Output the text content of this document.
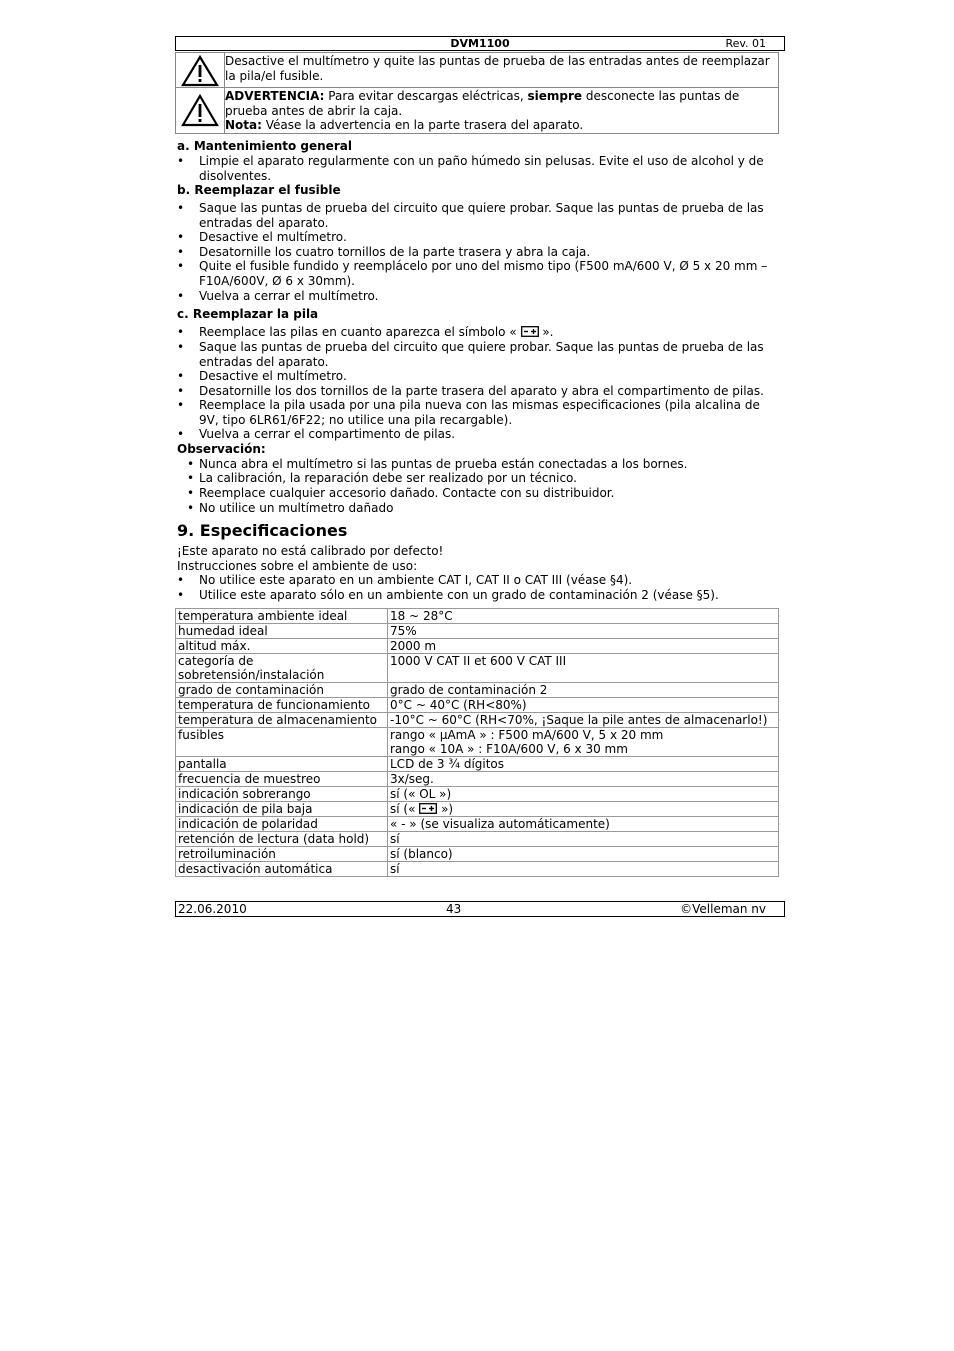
DVM1100	Rev. 01
Desactive el multímetro y quite las puntas de prueba de las entradas antes de reemplazar la pila/el fusible.
ADVERTENCIA: Para evitar descargas eléctricas, siempre desconecte las puntas de prueba antes de abrir la caja.
Nota: Véase la advertencia en la parte trasera del aparato.
a. Mantenimiento general
• Limpie el aparato regularmente con un paño húmedo sin pelusas. Evite el uso de alcohol y de disolventes.
b. Reemplazar el fusible
• Saque las puntas de prueba del circuito que quiere probar. Saque las puntas de prueba de las entradas del aparato.
• Desactive el multímetro.
• Desatornille los cuatro tornillos de la parte trasera y abra la caja.
• Quite el fusible fundido y reemplácelo por uno del mismo tipo (F500 mA/600 V, Ø 5 x 20 mm – F10A/600V, Ø 6 x 30mm).
• Vuelva a cerrar el multímetro.
c. Reemplazar la pila
• Reemplace las pilas en cuanto aparezca el símbolo «  ».
• Saque las puntas de prueba del circuito que quiere probar. Saque las puntas de prueba de las entradas del aparato.
• Desactive el multímetro.
• Desatornille los dos tornillos de la parte trasera del aparato y abra el compartimento de pilas.
• Reemplace la pila usada por una pila nueva con las mismas especificaciones (pila alcalina de 9V, tipo 6LR61/6F22; no utilice una pila recargable).
• Vuelva a cerrar el compartimento de pilas.
Observación:
• Nunca abra el multímetro si las puntas de prueba están conectadas a los bornes.
• La calibración, la reparación debe ser realizado por un técnico.
• Reemplace cualquier accesorio dañado. Contacte con su distribuidor.
• No utilice un multímetro dañado
9. Especificaciones
¡Este aparato no está calibrado por defecto!
Instrucciones sobre el ambiente de uso:
• No utilice este aparato en un ambiente CAT I, CAT II o CAT III (véase §4).
• Utilice este aparato sólo en un ambiente con un grado de contaminación 2 (véase §5).
temperatura ambiente ideal	18 ~ 28°C
humedad ideal	75%
altitud máx.	2000 m
categoría de sobretensión/instalación	1000 V CAT II et 600 V CAT III
grado de contaminación	grado de contaminación 2
temperatura de funcionamiento	0°C ~ 40°C (RH<80%)
temperatura de almacenamiento	-10°C ~ 60°C (RH<70%, ¡Saque la pile antes de almacenarlo!)
fusibles	rango « µAmA » : F500 mA/600 V, 5 x 20 mm
rango « 10A » : F10A/600 V, 6 x 30 mm
pantalla	LCD de 3 ¾ dígitos
frecuencia de muestreo	3x/seg.
indicación sobrerango	sí (« OL »)
indicación de pila baja	sí («  »)
indicación de polaridad	« - » (se visualiza automáticamente)
retención de lectura (data hold)	sí
retroiluminación	sí (blanco)
desactivación automática	sí
22.06.2010	43	©Velleman nv
